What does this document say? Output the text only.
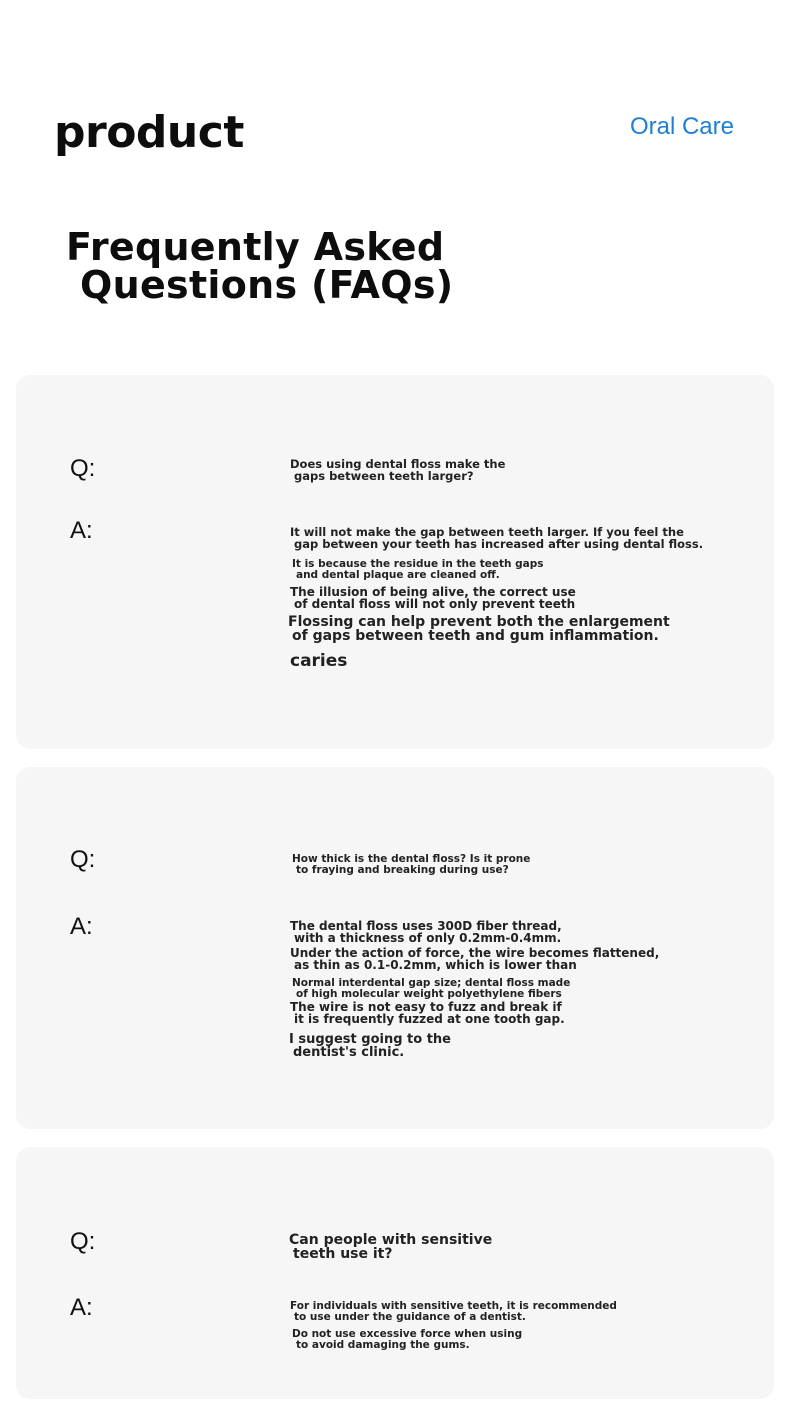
product	Oral Care
Frequently Asked
Questions (FAQs)
Q:	Does using dental floss make the
gaps between teeth larger?

A:	It will not make the gap between teeth larger. If you feel the
gap between your teeth has increased after using dental floss.

It is because the residue in the teeth gaps
and dental plaque are cleaned off.

The illusion of being alive, the correct use
of dental floss will not only prevent teeth

Flossing can help prevent both the enlargement
of gaps between teeth and gum inflammation.

caries

Q:	How thick is the dental floss? Is it prone
to fraying and breaking during use?

A:	The dental floss uses 300D fiber thread,
with a thickness of only 0.2mm-0.4mm.

Under the action of force, the wire becomes flattened,
as thin as 0.1-0.2mm, which is lower than

Normal interdental gap size; dental floss made
of high molecular weight polyethylene fibers

The wire is not easy to fuzz and break if
it is frequently fuzzed at one tooth gap.

I suggest going to the
dentist's clinic.

Q:	Can people with sensitive
teeth use it?

A:	For individuals with sensitive teeth, it is recommended
to use under the guidance of a dentist.

Do not use excessive force when using
to avoid damaging the gums.
